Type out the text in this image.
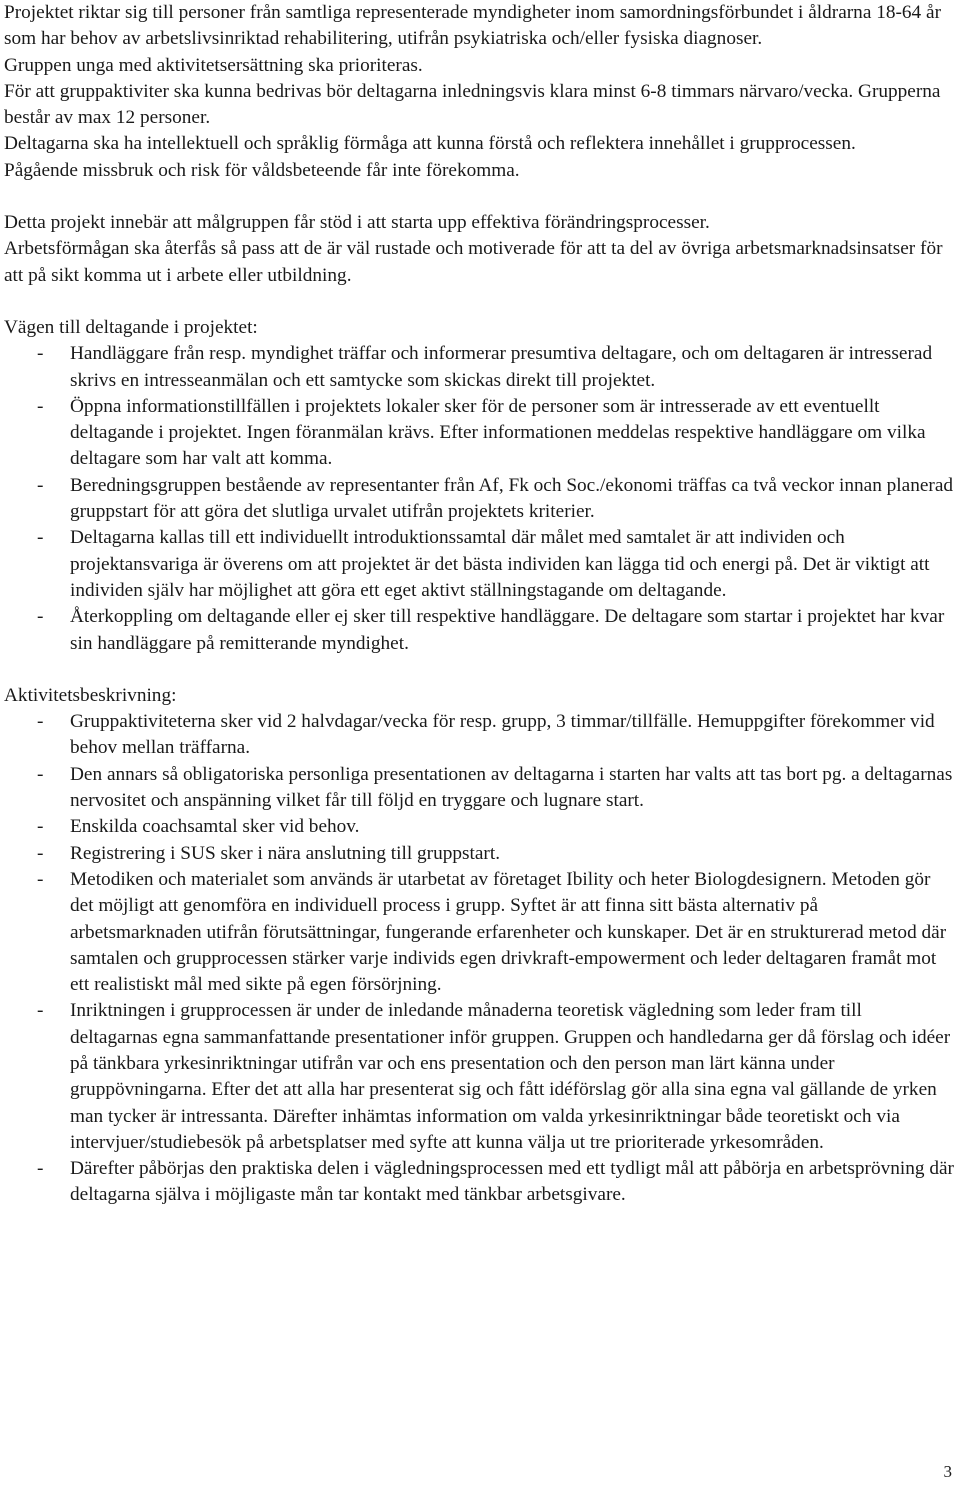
Projektet riktar sig till personer från samtliga representerade myndigheter inom samordningsförbundet i åldrarna 18-64 år som har behov av arbetslivsinriktad rehabilitering, utifrån psykiatriska och/eller fysiska diagnoser.

Gruppen unga med aktivitetsersättning ska prioriteras.

För att gruppaktiviter ska kunna bedrivas bör deltagarna inledningsvis klara minst 6-8 timmars närvaro/vecka. Grupperna består av max 12 personer.

Deltagarna ska ha intellektuell och språklig förmåga att kunna förstå och reflektera innehållet i grupprocessen.

Pågående missbruk och risk för våldsbeteende får inte förekomma.

Detta projekt innebär att målgruppen får stöd i att starta upp effektiva förändringsprocesser.

Arbetsförmågan ska återfås så pass att de är väl rustade och motiverade för att ta del av övriga arbetsmarknadsinsatser för att på sikt komma ut i arbete eller utbildning.

Vägen till deltagande i projektet:

- Handläggare från resp. myndighet träffar och informerar presumtiva deltagare, och om deltagaren är intresserad skrivs en intresseanmälan och ett samtycke som skickas direkt till projektet.
- Öppna informationstillfällen i projektets lokaler sker för de personer som är intresserade av ett eventuellt deltagande i projektet. Ingen föranmälan krävs. Efter informationen meddelas respektive handläggare om vilka deltagare som har valt att komma.
- Beredningsgruppen bestående av representanter från Af, Fk och Soc./ekonomi träffas ca två veckor innan planerad gruppstart för att göra det slutliga urvalet utifrån projektets kriterier.
- Deltagarna kallas till ett individuellt introduktionssamtal där målet med samtalet är att individen och projektansvariga är överens om att projektet är det bästa individen kan lägga tid och energi på. Det är viktigt att individen själv har möjlighet att göra ett eget aktivt ställningstagande om deltagande.
- Återkoppling om deltagande eller ej sker till respektive handläggare. De deltagare som startar i projektet har kvar sin handläggare på remitterande myndighet.

Aktivitetsbeskrivning:

- Gruppaktiviteterna sker vid 2 halvdagar/vecka för resp. grupp, 3 timmar/tillfälle. Hemuppgifter förekommer vid behov mellan träffarna.
- Den annars så obligatoriska personliga presentationen av deltagarna i starten har valts att tas bort pg. a deltagarnas nervositet och anspänning vilket får till följd en tryggare och lugnare start.
- Enskilda coachsamtal sker vid behov.
- Registrering i SUS sker i nära anslutning till gruppstart.
- Metodiken och materialet som används är utarbetat av företaget Ibility och heter Biologdesignern. Metoden gör det möjligt att genomföra en individuell process i grupp. Syftet är att finna sitt bästa alternativ på arbetsmarknaden utifrån förutsättningar, fungerande erfarenheter och kunskaper. Det är en strukturerad metod där samtalen och grupprocessen stärker varje individs egen drivkraft-empowerment och leder deltagaren framåt mot ett realistiskt mål med sikte på egen försörjning.
- Inriktningen i grupprocessen är under de inledande månaderna teoretisk vägledning som leder fram till deltagarnas egna sammanfattande presentationer inför gruppen. Gruppen och handledarna ger då förslag och idéer på tänkbara yrkesinriktningar utifrån var och ens presentation och den person man lärt känna under gruppövningarna. Efter det att alla har presenterat sig och fått idéförslag gör alla sina egna val gällande de yrken man tycker är intressanta. Därefter inhämtas information om valda yrkesinriktningar både teoretiskt och via intervjuer/studiebesök på arbetsplatser med syfte att kunna välja ut tre prioriterade yrkesområden.
- Därefter påbörjas den praktiska delen i vägledningsprocessen med ett tydligt mål att påbörja en arbetsprövning där deltagarna själva i möjligaste mån tar kontakt med tänkbar arbetsgivare.
3
